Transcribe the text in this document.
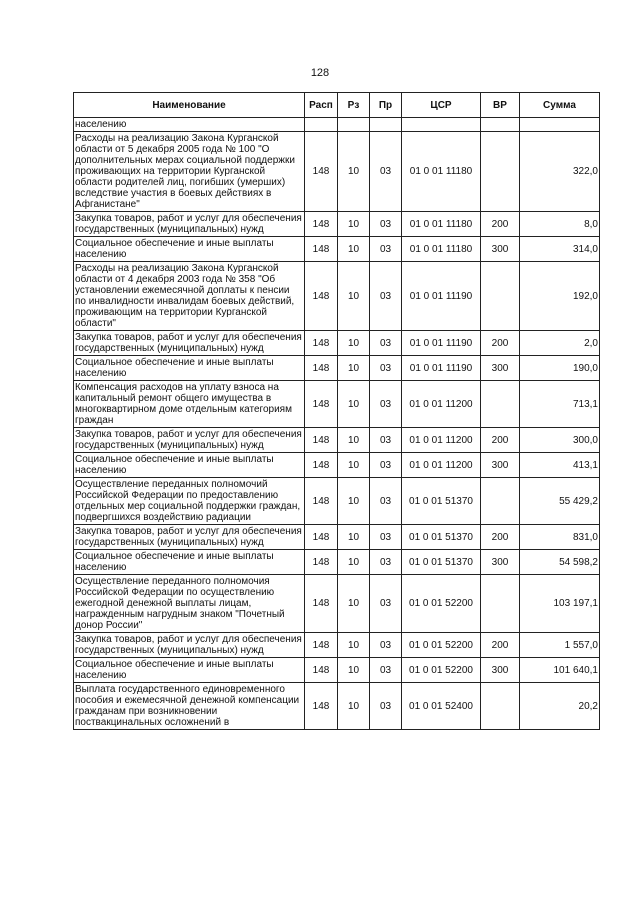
128
Наименование	Расп	Рз	Пр	ЦСР	ВР	Сумма
населению						
Расходы на реализацию Закона Курганской области от 5 декабря 2005 года № 100 "О дополнительных мерах социальной поддержки проживающих на территории Курганской области родителей лиц, погибших (умерших) вследствие участия в боевых действиях в Афганистане"	148	10	03	01 0 01 11180		322,0
Закупка товаров, работ и услуг для обеспечения государственных (муниципальных) нужд	148	10	03	01 0 01 11180	200	8,0
Социальное обеспечение и иные выплаты населению	148	10	03	01 0 01 11180	300	314,0
Расходы на реализацию Закона Курганской области от 4 декабря 2003 года № 358 "Об установлении ежемесячной доплаты к пенсии по инвалидности инвалидам боевых действий, проживающим на территории Курганской области"	148	10	03	01 0 01 11190		192,0
Закупка товаров, работ и услуг для обеспечения государственных (муниципальных) нужд	148	10	03	01 0 01 11190	200	2,0
Социальное обеспечение и иные выплаты населению	148	10	03	01 0 01 11190	300	190,0
Компенсация расходов на уплату взноса на капитальный ремонт общего имущества в многоквартирном доме отдельным категориям граждан	148	10	03	01 0 01 11200		713,1
Закупка товаров, работ и услуг для обеспечения государственных (муниципальных) нужд	148	10	03	01 0 01 11200	200	300,0
Социальное обеспечение и иные выплаты населению	148	10	03	01 0 01 11200	300	413,1
Осуществление переданных полномочий Российской Федерации по предоставлению отдельных мер социальной поддержки граждан, подвергшихся воздействию радиации	148	10	03	01 0 01 51370		55 429,2
Закупка товаров, работ и услуг для обеспечения государственных (муниципальных) нужд	148	10	03	01 0 01 51370	200	831,0
Социальное обеспечение и иные выплаты населению	148	10	03	01 0 01 51370	300	54 598,2
Осуществление переданного полномочия Российской Федерации по осуществлению ежегодной денежной выплаты лицам, награжденным нагрудным знаком "Почетный донор России"	148	10	03	01 0 01 52200		103 197,1
Закупка товаров, работ и услуг для обеспечения государственных (муниципальных) нужд	148	10	03	01 0 01 52200	200	1 557,0
Социальное обеспечение и иные выплаты населению	148	10	03	01 0 01 52200	300	101 640,1
Выплата государственного единовременного пособия и ежемесячной денежной компенсации гражданам при возникновении поствакцинальных осложнений в	148	10	03	01 0 01 52400		20,2
